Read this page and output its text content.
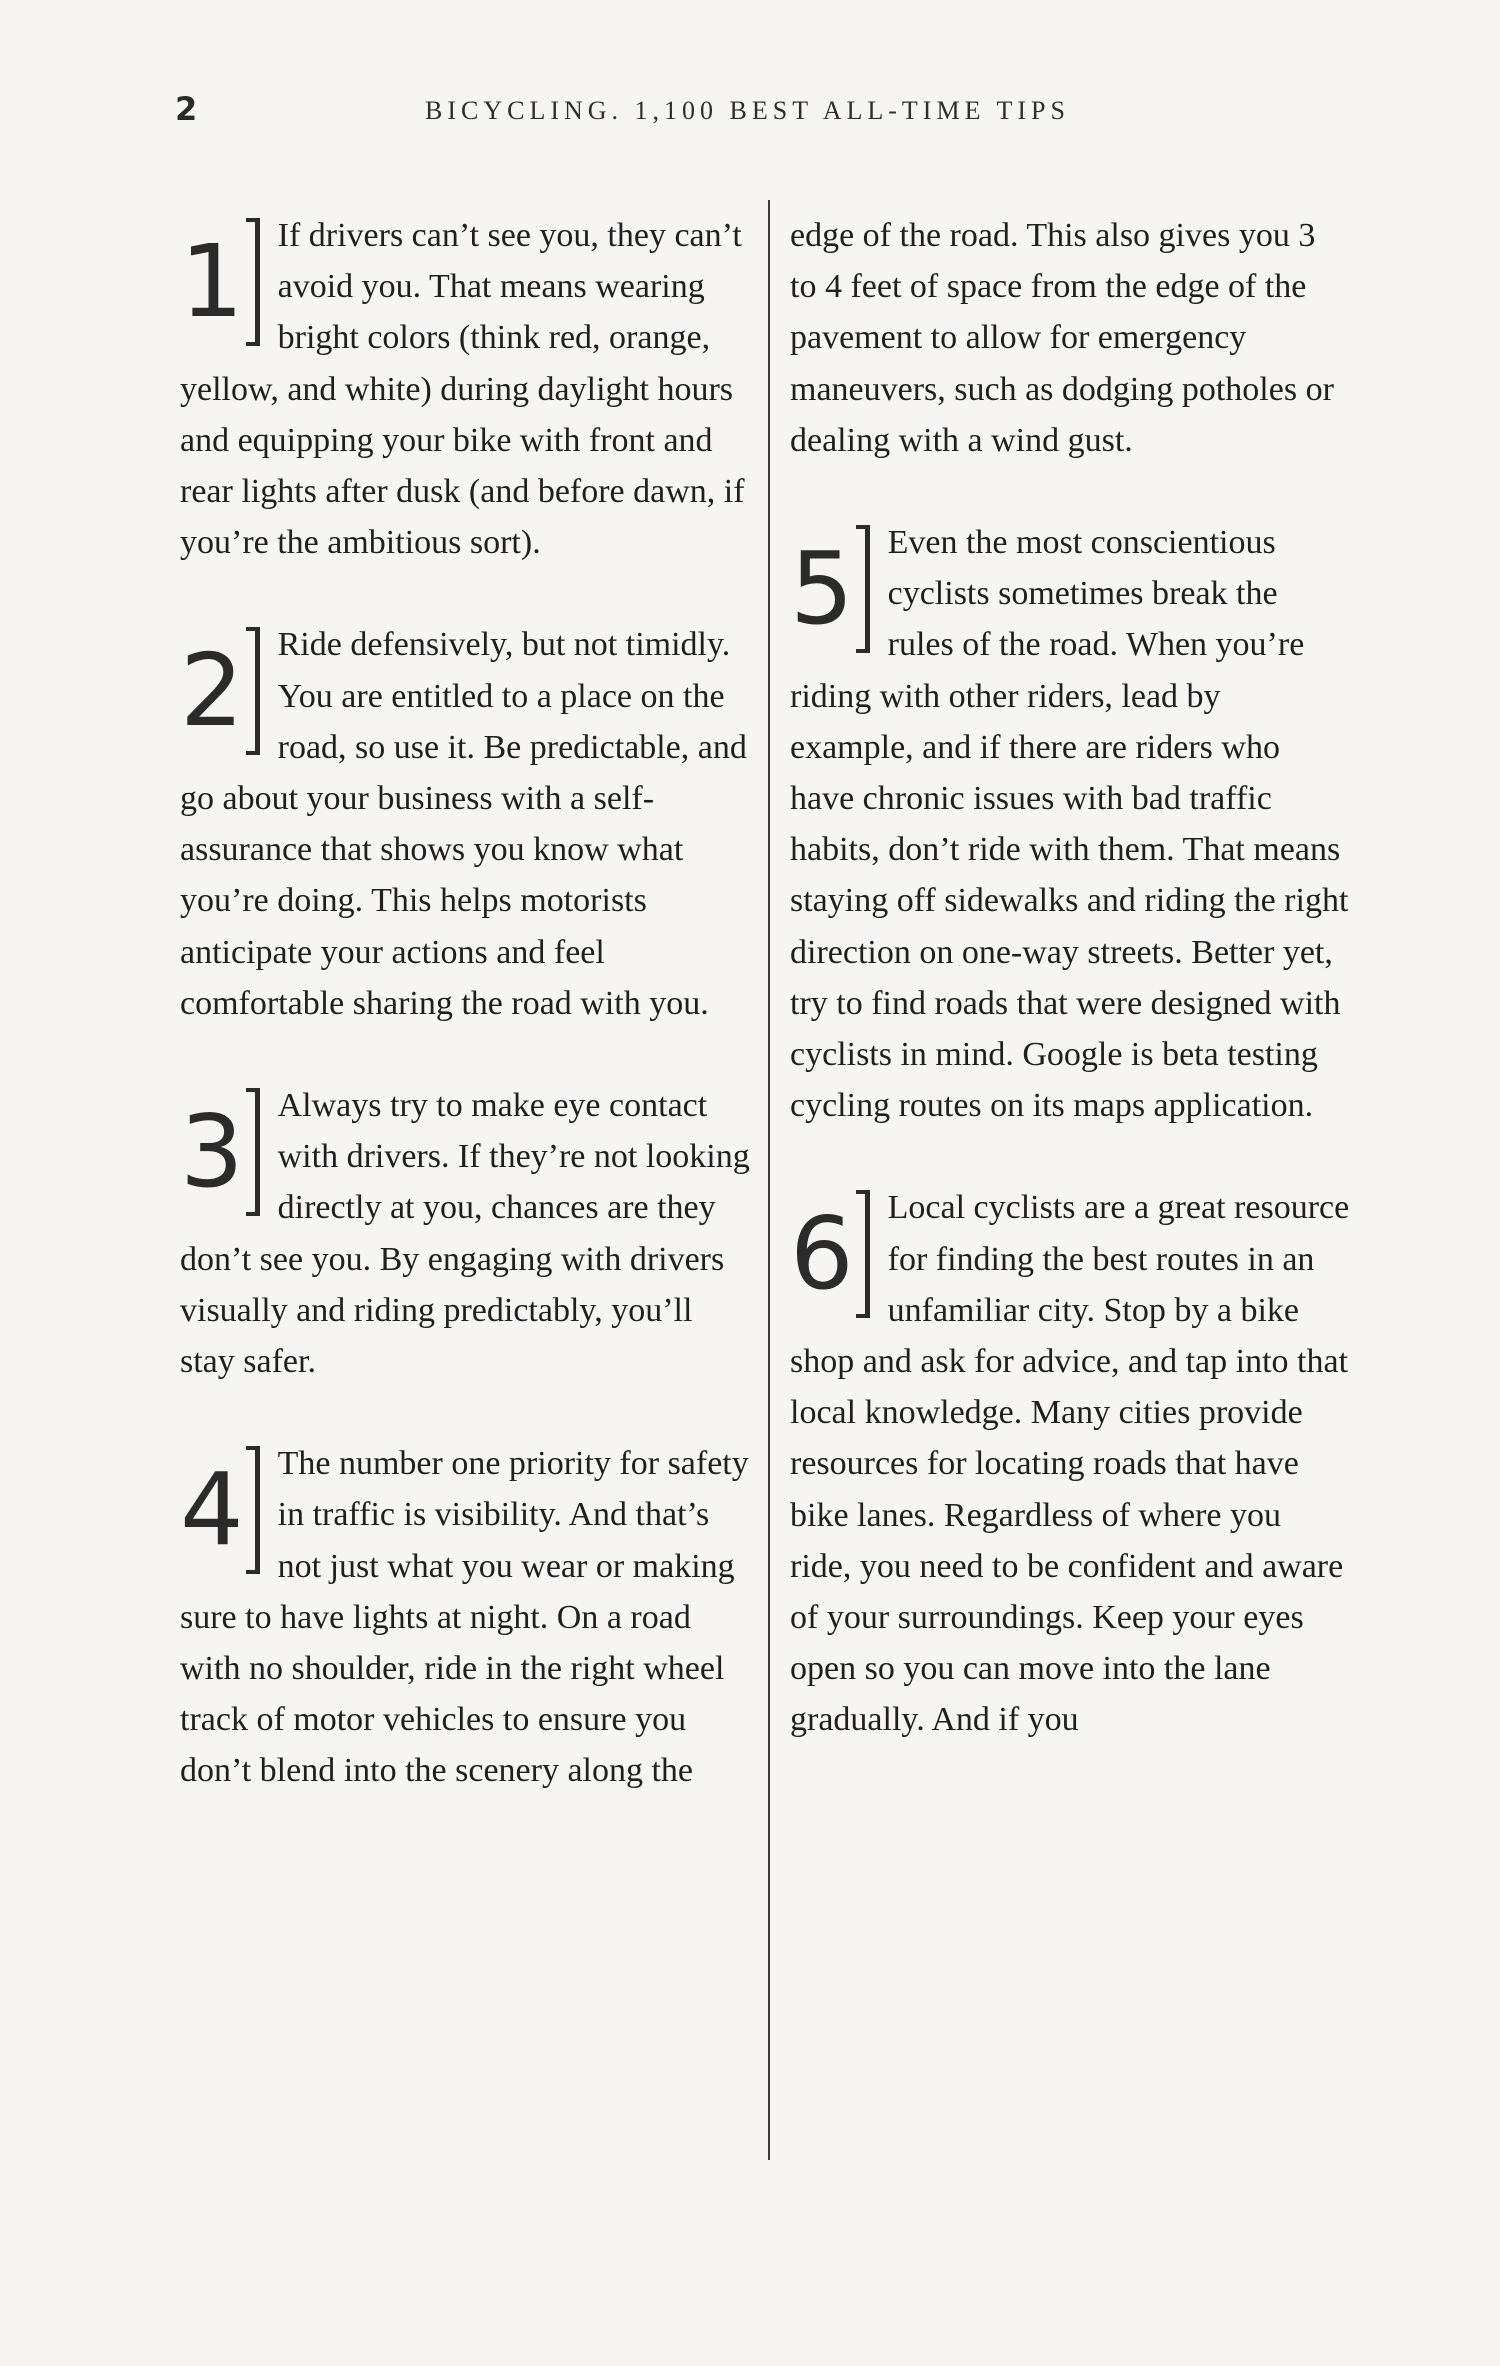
2	BICYCLING. 1,100 BEST ALL-TIME TIPS
1	If drivers can’t see you, they can’t avoid you. That means wearing bright colors (think red, orange, yellow, and white) during daylight hours and equipping your bike with front and rear lights after dusk (and before dawn, if you’re the ambitious sort).

2	Ride defensively, but not timidly. You are entitled to a place on the road, so use it. Be predictable, and go about your business with a self-assurance that shows you know what you’re doing. This helps motorists anticipate your actions and feel comfortable sharing the road with you.

3	Always try to make eye contact with drivers. If they’re not looking directly at you, chances are they don’t see you. By engaging with drivers visually and riding predictably, you’ll stay safer.

4	The number one priority for safety in traffic is visibility. And that’s not just what you wear or making sure to have lights at night. On a road with no shoulder, ride in the right wheel track of motor vehicles to ensure you don’t blend into the scenery along the

edge of the road. This also gives you 3 to 4 feet of space from the edge of the pavement to allow for emergency maneuvers, such as dodging potholes or dealing with a wind gust.

5	Even the most conscientious cyclists sometimes break the rules of the road. When you’re riding with other riders, lead by example, and if there are riders who have chronic issues with bad traffic habits, don’t ride with them. That means staying off sidewalks and riding the right direction on one-way streets. Better yet, try to find roads that were designed with cyclists in mind. Google is beta testing cycling routes on its maps application.

6	Local cyclists are a great resource for finding the best routes in an unfamiliar city. Stop by a bike shop and ask for advice, and tap into that local knowledge. Many cities provide resources for locating roads that have bike lanes. Regardless of where you ride, you need to be confident and aware of your surroundings. Keep your eyes open so you can move into the lane gradually. And if you
